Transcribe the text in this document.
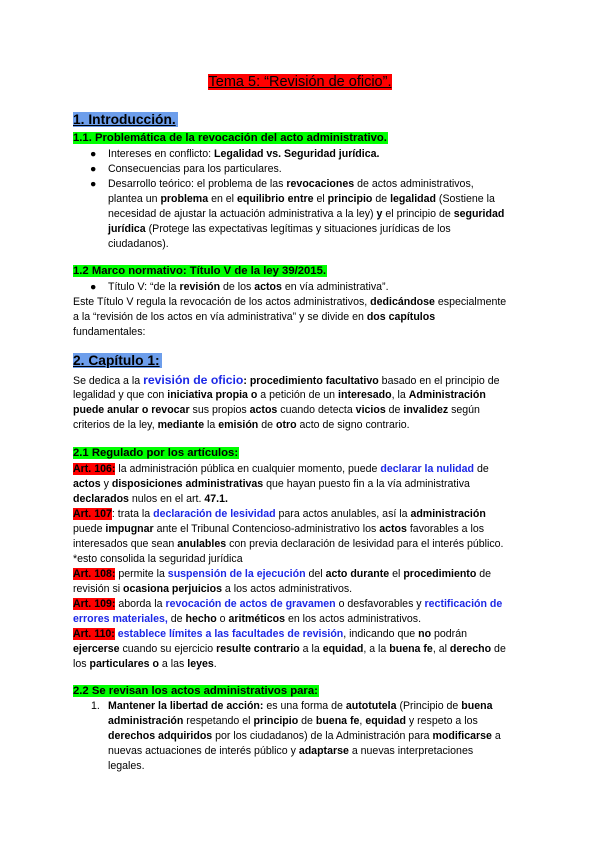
Tema 5: “Revisión de oficio”.
1. Introducción.
1.1. Problemática de la revocación del acto administrativo.
● Intereses en conflicto: Legalidad vs. Seguridad jurídica.
● Consecuencias para los particulares.
● Desarrollo teórico: el problema de las revocaciones de actos administrativos,
plantea un problema en el equilibrio entre el principio de legalidad (Sostiene la
necesidad de ajustar la actuación administrativa a la ley) y el principio de seguridad
jurídica (Protege las expectativas legítimas y situaciones jurídicas de los
ciudadanos).
1.2 Marco normativo: Título V de la ley 39/2015.
● Título V: “de la revisión de los actos en vía administrativa”.
Este Título V regula la revocación de los actos administrativos, dedicándose especialmente
a la “revisión de los actos en vía administrativa” y se divide en dos capítulos
fundamentales:
2. Capítulo 1:
Se dedica a la revisión de oficio: procedimiento facultativo basado en el principio de
legalidad y que con iniciativa propia o a petición de un interesado, la Administración
puede anular o revocar sus propios actos cuando detecta vicios de invalidez según
criterios de la ley, mediante la emisión de otro acto de signo contrario.
2.1 Regulado por los artículos:
Art. 106: la administración pública en cualquier momento, puede declarar la nulidad de
actos y disposiciones administrativas que hayan puesto fin a la vía administrativa
declarados nulos en el art. 47.1.
Art. 107: trata la declaración de lesividad para actos anulables, así la administración
puede impugnar ante el Tribunal Contencioso-administrativo los actos favorables a los
interesados que sean anulables con previa declaración de lesividad para el interés público.
*esto consolida la seguridad jurídica
Art. 108: permite la suspensión de la ejecución del acto durante el procedimiento de
revisión si ocasiona perjuicios a los actos administrativos.
Art. 109: aborda la revocación de actos de gravamen o desfavorables y rectificación de
errores materiales, de hecho o aritméticos en los actos administrativos.
Art. 110: establece límites a las facultades de revisión, indicando que no podrán
ejercerse cuando su ejercicio resulte contrario a la equidad, a la buena fe, al derecho de
los particulares o a las leyes.
2.2 Se revisan los actos administrativos para:
1. Mantener la libertad de acción: es una forma de autotutela (Principio de buena
administración respetando el principio de buena fe, equidad y respeto a los
derechos adquiridos por los ciudadanos) de la Administración para modificarse a
nuevas actuaciones de interés público y adaptarse a nuevas interpretaciones
legales.
